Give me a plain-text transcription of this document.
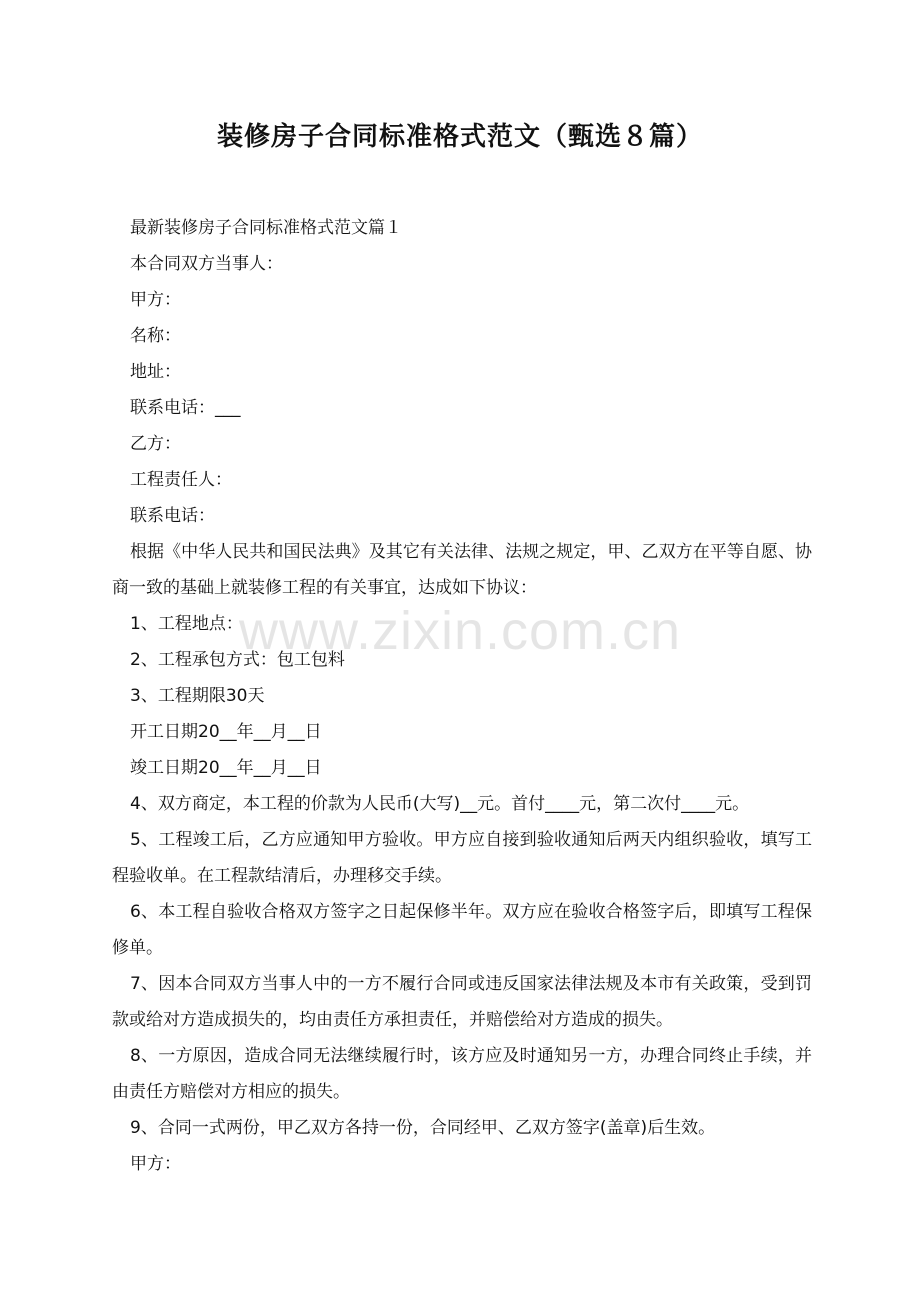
装修房子合同标准格式范文（甄选８篇）

最新装修房子合同标准格式范文篇１

本合同双方当事人：

甲方：

名称：

地址：

联系电话：___

乙方：

工程责任人：

联系电话：

根据《中华人民共和国民法典》及其它有关法律、法规之规定，甲、乙双方在平等自愿、协商一致的基础上就装修工程的有关事宜，达成如下协议：

1、工程地点：

2、工程承包方式：包工包料

3、工程期限30天

开工日期20__年__月__日

竣工日期20__年__月__日

4、双方商定，本工程的价款为人民币(大写)__元。首付____元，第二次付____元。

5、工程竣工后，乙方应通知甲方验收。甲方应自接到验收通知后两天内组织验收，填写工程验收单。在工程款结清后，办理移交手续。

6、本工程自验收合格双方签字之日起保修半年。双方应在验收合格签字后，即填写工程保修单。

7、因本合同双方当事人中的一方不履行合同或违反国家法律法规及本市有关政策，受到罚款或给对方造成损失的，均由责任方承担责任，并赔偿给对方造成的损失。

8、一方原因，造成合同无法继续履行时，该方应及时通知另一方，办理合同终止手续，并由责任方赔偿对方相应的损失。

9、合同一式两份，甲乙双方各持一份，合同经甲、乙双方签字(盖章)后生效。

甲方：

www.zixin.com.cn
